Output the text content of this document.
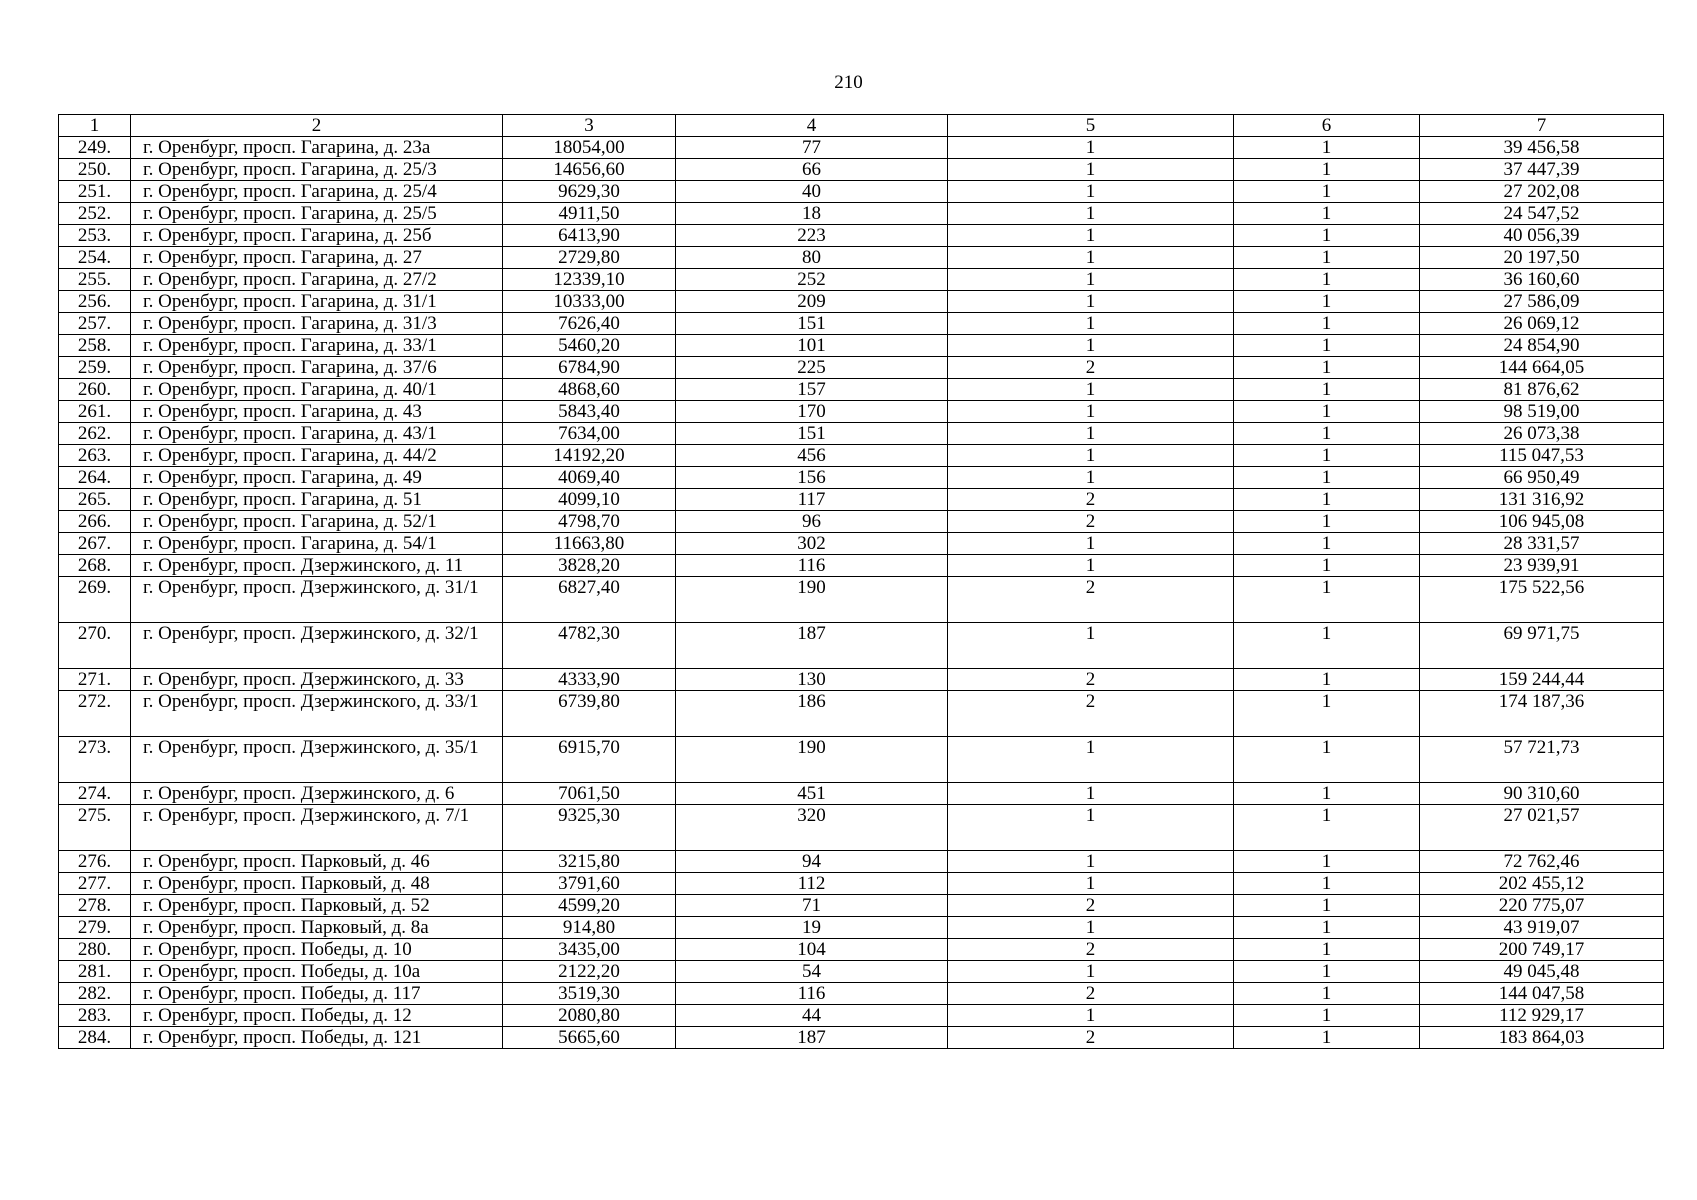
210
1	2	3	4	5	6	7
249.	г. Оренбург, просп. Гагарина, д. 23а	18054,00	77	1	1	39 456,58
250.	г. Оренбург, просп. Гагарина, д. 25/3	14656,60	66	1	1	37 447,39
251.	г. Оренбург, просп. Гагарина, д. 25/4	9629,30	40	1	1	27 202,08
252.	г. Оренбург, просп. Гагарина, д. 25/5	4911,50	18	1	1	24 547,52
253.	г. Оренбург, просп. Гагарина, д. 25б	6413,90	223	1	1	40 056,39
254.	г. Оренбург, просп. Гагарина, д. 27	2729,80	80	1	1	20 197,50
255.	г. Оренбург, просп. Гагарина, д. 27/2	12339,10	252	1	1	36 160,60
256.	г. Оренбург, просп. Гагарина, д. 31/1	10333,00	209	1	1	27 586,09
257.	г. Оренбург, просп. Гагарина, д. 31/3	7626,40	151	1	1	26 069,12
258.	г. Оренбург, просп. Гагарина, д. 33/1	5460,20	101	1	1	24 854,90
259.	г. Оренбург, просп. Гагарина, д. 37/6	6784,90	225	2	1	144 664,05
260.	г. Оренбург, просп. Гагарина, д. 40/1	4868,60	157	1	1	81 876,62
261.	г. Оренбург, просп. Гагарина, д. 43	5843,40	170	1	1	98 519,00
262.	г. Оренбург, просп. Гагарина, д. 43/1	7634,00	151	1	1	26 073,38
263.	г. Оренбург, просп. Гагарина, д. 44/2	14192,20	456	1	1	115 047,53
264.	г. Оренбург, просп. Гагарина, д. 49	4069,40	156	1	1	66 950,49
265.	г. Оренбург, просп. Гагарина, д. 51	4099,10	117	2	1	131 316,92
266.	г. Оренбург, просп. Гагарина, д. 52/1	4798,70	96	2	1	106 945,08
267.	г. Оренбург, просп. Гагарина, д. 54/1	11663,80	302	1	1	28 331,57
268.	г. Оренбург, просп. Дзержинского, д. 11	3828,20	116	1	1	23 939,91
269.	г. Оренбург, просп. Дзержинского, д. 31/1	6827,40	190	2	1	175 522,56
270.	г. Оренбург, просп. Дзержинского, д. 32/1	4782,30	187	1	1	69 971,75
271.	г. Оренбург, просп. Дзержинского, д. 33	4333,90	130	2	1	159 244,44
272.	г. Оренбург, просп. Дзержинского, д. 33/1	6739,80	186	2	1	174 187,36
273.	г. Оренбург, просп. Дзержинского, д. 35/1	6915,70	190	1	1	57 721,73
274.	г. Оренбург, просп. Дзержинского, д. 6	7061,50	451	1	1	90 310,60
275.	г. Оренбург, просп. Дзержинского, д. 7/1	9325,30	320	1	1	27 021,57
276.	г. Оренбург, просп. Парковый, д. 46	3215,80	94	1	1	72 762,46
277.	г. Оренбург, просп. Парковый, д. 48	3791,60	112	1	1	202 455,12
278.	г. Оренбург, просп. Парковый, д. 52	4599,20	71	2	1	220 775,07
279.	г. Оренбург, просп. Парковый, д. 8а	914,80	19	1	1	43 919,07
280.	г. Оренбург, просп. Победы, д. 10	3435,00	104	2	1	200 749,17
281.	г. Оренбург, просп. Победы, д. 10а	2122,20	54	1	1	49 045,48
282.	г. Оренбург, просп. Победы, д. 117	3519,30	116	2	1	144 047,58
283.	г. Оренбург, просп. Победы, д. 12	2080,80	44	1	1	112 929,17
284.	г. Оренбург, просп. Победы, д. 121	5665,60	187	2	1	183 864,03
